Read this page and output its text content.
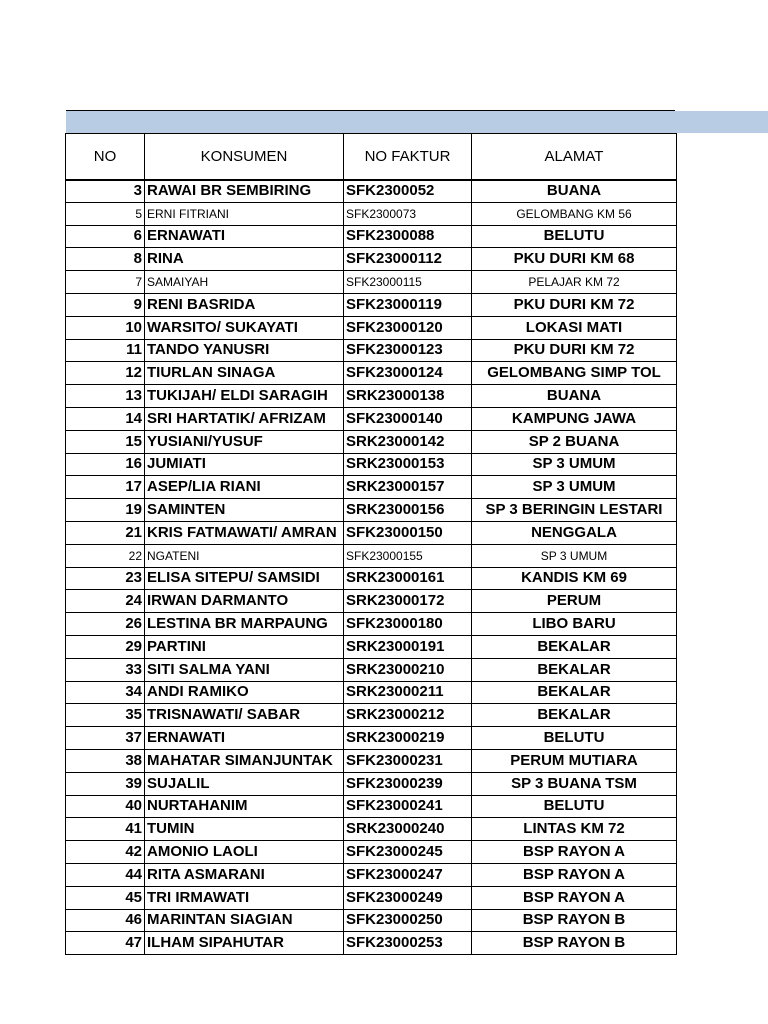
NO	KONSUMEN	NO FAKTUR	ALAMAT
3	RAWAI BR SEMBIRING	SFK2300052	BUANA
5	ERNI FITRIANI	SFK2300073	GELOMBANG KM 56
6	ERNAWATI	SFK2300088	BELUTU
8	RINA	SFK23000112	PKU DURI KM 68
7	SAMAIYAH	SFK23000115	PELAJAR KM 72
9	RENI BASRIDA	SFK23000119	PKU DURI KM 72
10	WARSITO/ SUKAYATI	SFK23000120	LOKASI MATI
11	TANDO YANUSRI	SFK23000123	PKU DURI KM 72
12	TIURLAN SINAGA	SFK23000124	GELOMBANG SIMP TOL
13	TUKIJAH/ ELDI SARAGIH	SRK23000138	BUANA
14	SRI HARTATIK/ AFRIZAM	SFK23000140	KAMPUNG JAWA
15	YUSIANI/YUSUF	SRK23000142	SP 2 BUANA
16	JUMIATI	SRK23000153	SP 3 UMUM
17	ASEP/LIA RIANI	SRK23000157	SP 3 UMUM
19	SAMINTEN	SRK23000156	SP 3 BERINGIN LESTARI
21	KRIS FATMAWATI/ AMRAN	SFK23000150	NENGGALA
22	NGATENI	SFK23000155	SP 3 UMUM
23	ELISA SITEPU/ SAMSIDI	SRK23000161	KANDIS KM 69
24	IRWAN DARMANTO	SRK23000172	PERUM
26	LESTINA BR MARPAUNG	SFK23000180	LIBO BARU
29	PARTINI	SRK23000191	BEKALAR
33	SITI SALMA YANI	SRK23000210	BEKALAR
34	ANDI RAMIKO	SRK23000211	BEKALAR
35	TRISNAWATI/ SABAR	SRK23000212	BEKALAR
37	ERNAWATI	SRK23000219	BELUTU
38	MAHATAR SIMANJUNTAK	SFK23000231	PERUM MUTIARA
39	SUJALIL	SFK23000239	SP 3 BUANA TSM
40	NURTAHANIM	SFK23000241	BELUTU
41	TUMIN	SRK23000240	LINTAS KM 72
42	AMONIO LAOLI	SFK23000245	BSP RAYON A
44	RITA ASMARANI	SFK23000247	BSP RAYON A
45	TRI IRMAWATI	SFK23000249	BSP RAYON A
46	MARINTAN SIAGIAN	SFK23000250	BSP RAYON B
47	ILHAM SIPAHUTAR	SFK23000253	BSP RAYON B
